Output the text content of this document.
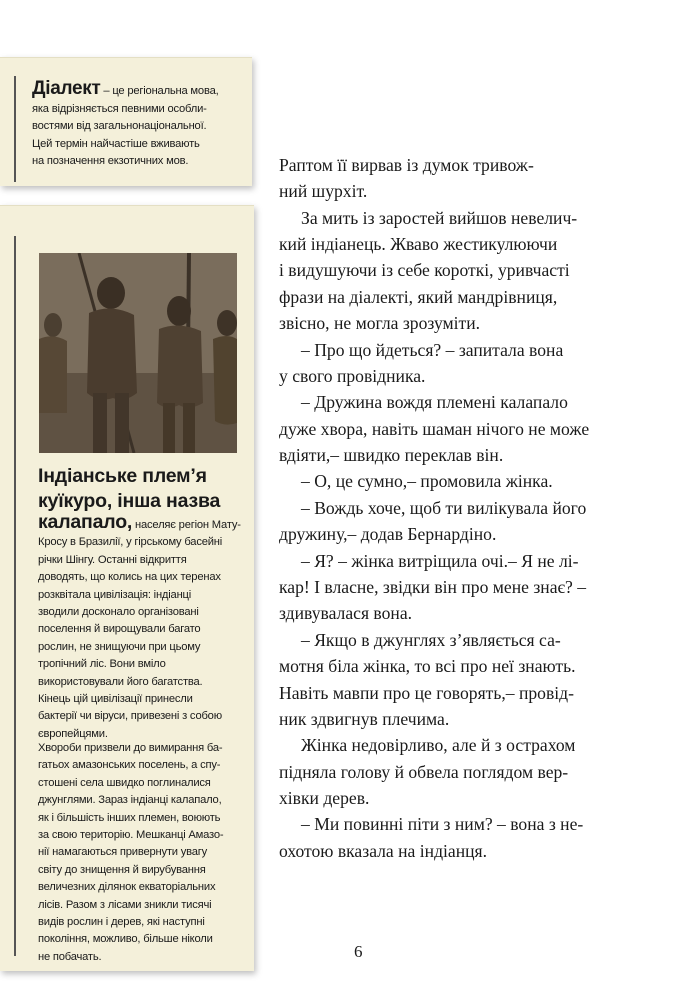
Діалект – це регіональна мова,
яка відрізняється певними особли-
востями від загальнонаціональної.
Цей термін найчастіше вживають
на позначення екзотичних мов.
Індіанське плем’я
куїкуро, інша назва
калапало, населяє регіон Мату-
Кросу в Бразилії, у гірському басейні
річки Шінгу. Останні відкриття
доводять, що колись на цих теренах
розквітала цивілізація: індіанці
зводили досконало організовані
поселення й вирощували багато
рослин, не знищуючи при цьому
тропічний ліс. Вони вміло
використовували його багатства.
Кінець цій цивілізації принесли
бактерії чи віруси, привезені з собою
європейцями.
Хвороби призвели до вимирання ба-
гатьох амазонських поселень, а спу-
стошені села швидко поглиналися
джунглями. Зараз індіанці калапало,
як і більшість інших племен, воюють
за свою територію. Мешканці Амазо-
нії намагаються привернути увагу
світу до знищення й вирубування
величезних ділянок екваторіальних
лісів. Разом з лісами зникли тисячі
видів рослин і дерев, які наступні
покоління, можливо, більше ніколи
не побачать.
Раптом її вирвав із думок тривож-
ний шурхіт.
За мить із заростей вийшов невелич-
кий індіанець. Жваво жестикулюючи
і видушуючи із себе короткі, уривчасті
фрази на діалекті, який мандрівниця,
звісно, не могла зрозуміти.
– Про що йдеться? – запитала вона
у свого провідника.
– Дружина вождя племені калапало
дуже хвора, навіть шаман нічого не може
вдіяти,– швидко переклав він.
– О, це сумно,– промовила жінка.
– Вождь хоче, щоб ти вилікувала його
дружину,– додав Бернардіно.
– Я? – жінка витріщила очі.– Я не лі-
кар! І власне, звідки він про мене знає? –
здивувалася вона.
– Якщо в джунглях з’являється са-
мотня біла жінка, то всі про неї знають.
Навіть мавпи про це говорять,– провід-
ник здвигнув плечима.
Жінка недовірливо, але й з острахом
підняла голову й обвела поглядом вер-
хівки дерев.
– Ми повинні піти з ним? – вона з не-
охотою вказала на індіанця.
6
